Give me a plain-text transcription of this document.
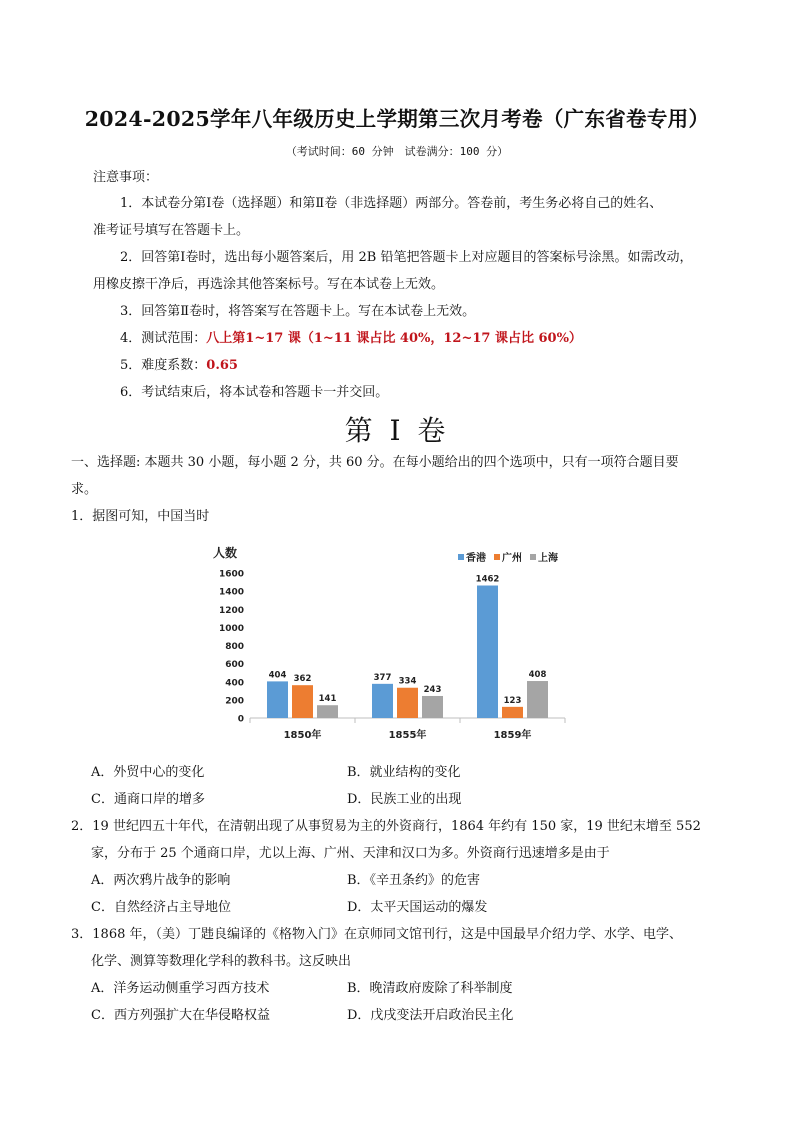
2024-2025学年八年级历史上学期第三次月考卷（广东省卷专用）
（考试时间：60 分钟　试卷满分：100 分）
注意事项：
1．本试卷分第Ⅰ卷（选择题）和第Ⅱ卷（非选择题）两部分。答卷前，考生务必将自己的姓名、
准考证号填写在答题卡上。
2．回答第Ⅰ卷时，选出每小题答案后，用 2B 铅笔把答题卡上对应题目的答案标号涂黑。如需改动，
用橡皮擦干净后，再选涂其他答案标号。写在本试卷上无效。
3．回答第Ⅱ卷时，将答案写在答题卡上。写在本试卷上无效。
4．测试范围：八上第1~17 课（1~11 课占比 40%，12~17 课占比 60%）
5．难度系数：0.65
6．考试结束后，将本试卷和答题卡一并交回。
第 I 卷
一、选择题: 本题共 30 小题，每小题 2 分，共 60 分。在每小题给出的四个选项中，只有一项符合题目要
求。
1．据图可知，中国当时
人数
0
200
400
600
800
1000
1200
1400
1600
404 362
141
1850年
377 334
243
1855年
1462
123
408
1859年
香港 广州 上海
A．外贸中心的变化	B．就业结构的变化
C．通商口岸的增多	D．民族工业的出现
2．19 世纪四五十年代，在清朝出现了从事贸易为主的外资商行，1864 年约有 150 家，19 世纪末增至 552
家，分布于 25 个通商口岸，尤以上海、广州、天津和汉口为多。外资商行迅速增多是由于
A．两次鸦片战争的影响	B．《辛丑条约》的危害
C．自然经济占主导地位	D．太平天国运动的爆发
3．1868 年，（美）丁韪良编译的《格物入门》在京师同文馆刊行，这是中国最早介绍力学、水学、电学、
化学、测算等数理化学科的教科书。这反映出
A．洋务运动侧重学习西方技术	B．晚清政府废除了科举制度
C．西方列强扩大在华侵略权益	D．戊戌变法开启政治民主化
